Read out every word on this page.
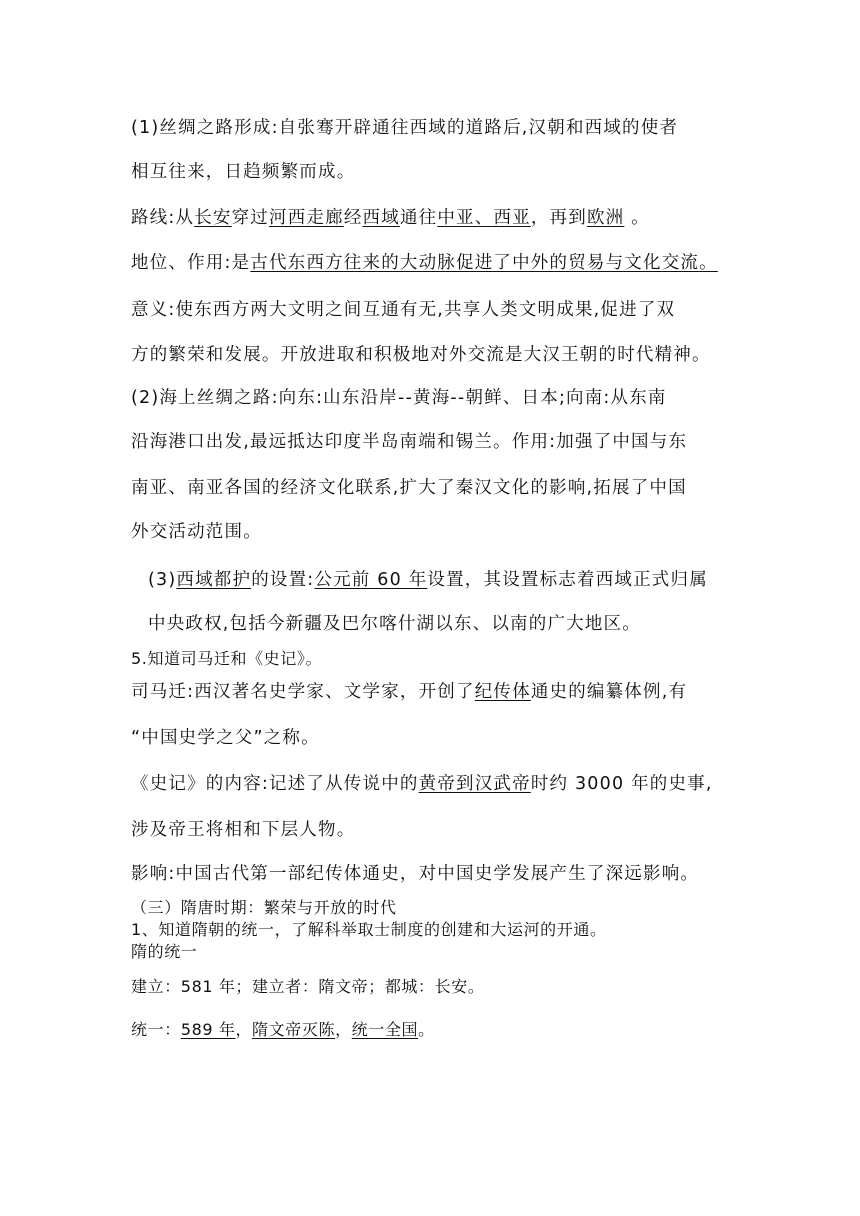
(1)丝绸之路形成:自张骞开辟通往西域的道路后,汉朝和西域的使者
相互往来，日趋频繁而成。
路线:从长安穿过河西走廊经西域通往中亚、西亚，再到欧洲 。
地位、作用:是古代东西方往来的大动脉促进了中外的贸易与文化交流。
意义:使东西方两大文明之间互通有无,共享人类文明成果,促进了双
方的繁荣和发展。开放进取和积极地对外交流是大汉王朝的时代精神。
(2)海上丝绸之路:向东:山东沿岸--黄海--朝鲜、日本;向南:从东南
沿海港口出发,最远抵达印度半岛南端和锡兰。作用:加强了中国与东
南亚、南亚各国的经济文化联系,扩大了秦汉文化的影响,拓展了中国
外交活动范围。
(3)西域都护的设置:公元前 60 年设置，其设置标志着西域正式归属
中央政权,包括今新疆及巴尔喀什湖以东、以南的广大地区。
5.知道司马迁和《史记》。
司马迁:西汉著名史学家、文学家，开创了纪传体通史的编纂体例,有
“中国史学之父”之称。
《史记》的内容:记述了从传说中的黄帝到汉武帝时约 3000 年的史事,
涉及帝王将相和下层人物。
影响:中国古代第一部纪传体通史，对中国史学发展产生了深远影响。
（三）隋唐时期：繁荣与开放的时代
1、知道隋朝的统一，了解科举取士制度的创建和大运河的开通。
隋的统一
建立：581 年；建立者：隋文帝；都城：长安。
统一：589 年，隋文帝灭陈，统一全国。
